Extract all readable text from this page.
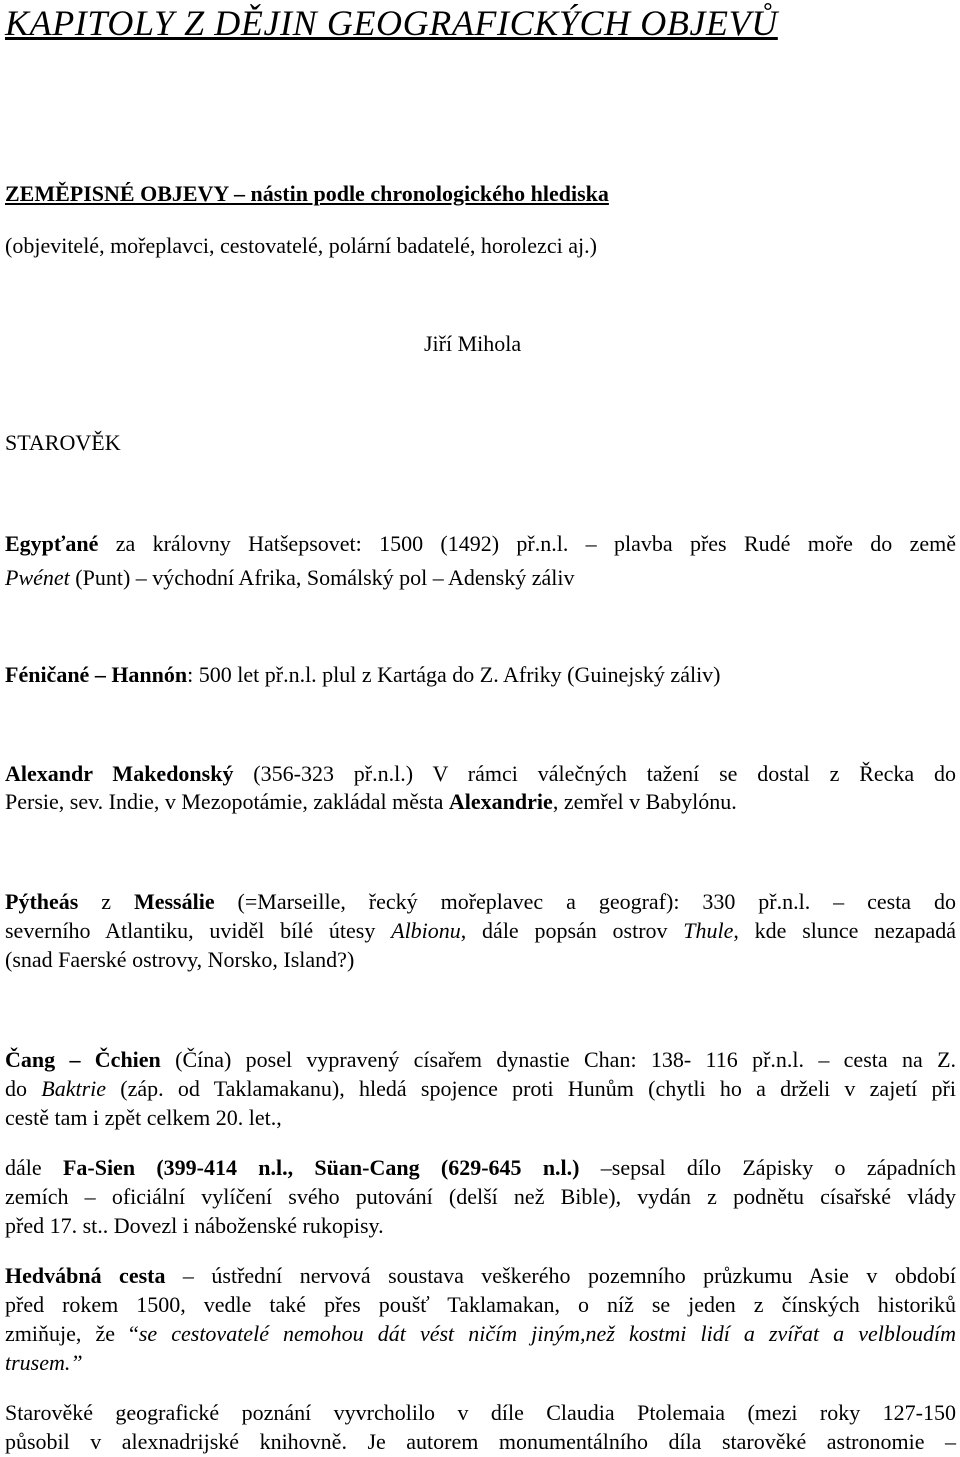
KAPITOLY Z DĚJIN GEOGRAFICKÝCH OBJEVŮ
ZEMĚPISNÉ OBJEVY – nástin podle chronologického hlediska
(objevitelé, mořeplavci, cestovatelé, polární badatelé, horolezci aj.)
Jiří Mihola
STAROVĚK
Egypťané za královny Hatšepsovet: 1500 (1492) př.n.l. – plavba přes Rudé moře do země
Pwénet (Punt) – východní Afrika, Somálský pol – Adenský záliv
Féničané – Hannón: 500 let př.n.l. plul z Kartága do Z. Afriky (Guinejský záliv)
Alexandr Makedonský (356-323 př.n.l.) V rámci válečných tažení se dostal z Řecka do
Persie, sev. Indie, v Mezopotámie, zakládal města Alexandrie, zemřel v Babylónu.
Pýtheás z Messálie (=Marseille, řecký mořeplavec a geograf): 330 př.n.l. – cesta do
severního Atlantiku, uviděl bílé útesy Albionu, dále popsán ostrov Thule, kde slunce nezapadá
(snad Faerské ostrovy, Norsko, Island?)
Čang – Čchien (Čína) posel vypravený císařem dynastie Chan: 138- 116 př.n.l. – cesta na Z.
do Baktrie (záp. od Taklamakanu), hledá spojence proti Hunům (chytli ho a drželi v zajetí při
cestě tam i zpět celkem 20. let.,
dále Fa-Sien (399-414 n.l., Süan-Cang (629-645 n.l.) –sepsal dílo Zápisky o západních
zemích – oficiální vylíčení svého putování (delší než Bible), vydán z podnětu císařské vlády
před 17. st.. Dovezl i náboženské rukopisy.
Hedvábná cesta – ústřední nervová soustava veškerého pozemního průzkumu Asie v období
před rokem 1500, vedle také přes poušť Taklamakan, o níž se jeden z čínských historiků
zmiňuje, že “se cestovatelé nemohou dát vést ničím jiným,než kostmi lidí a zvířat a velbloudím
trusem.”
Starověké geografické poznání vyvrcholilo v díle Claudia Ptolemaia (mezi roky 127-150
působil v alexnadrijské knihovně. Je autorem monumentálního díla starověké astronomie –
